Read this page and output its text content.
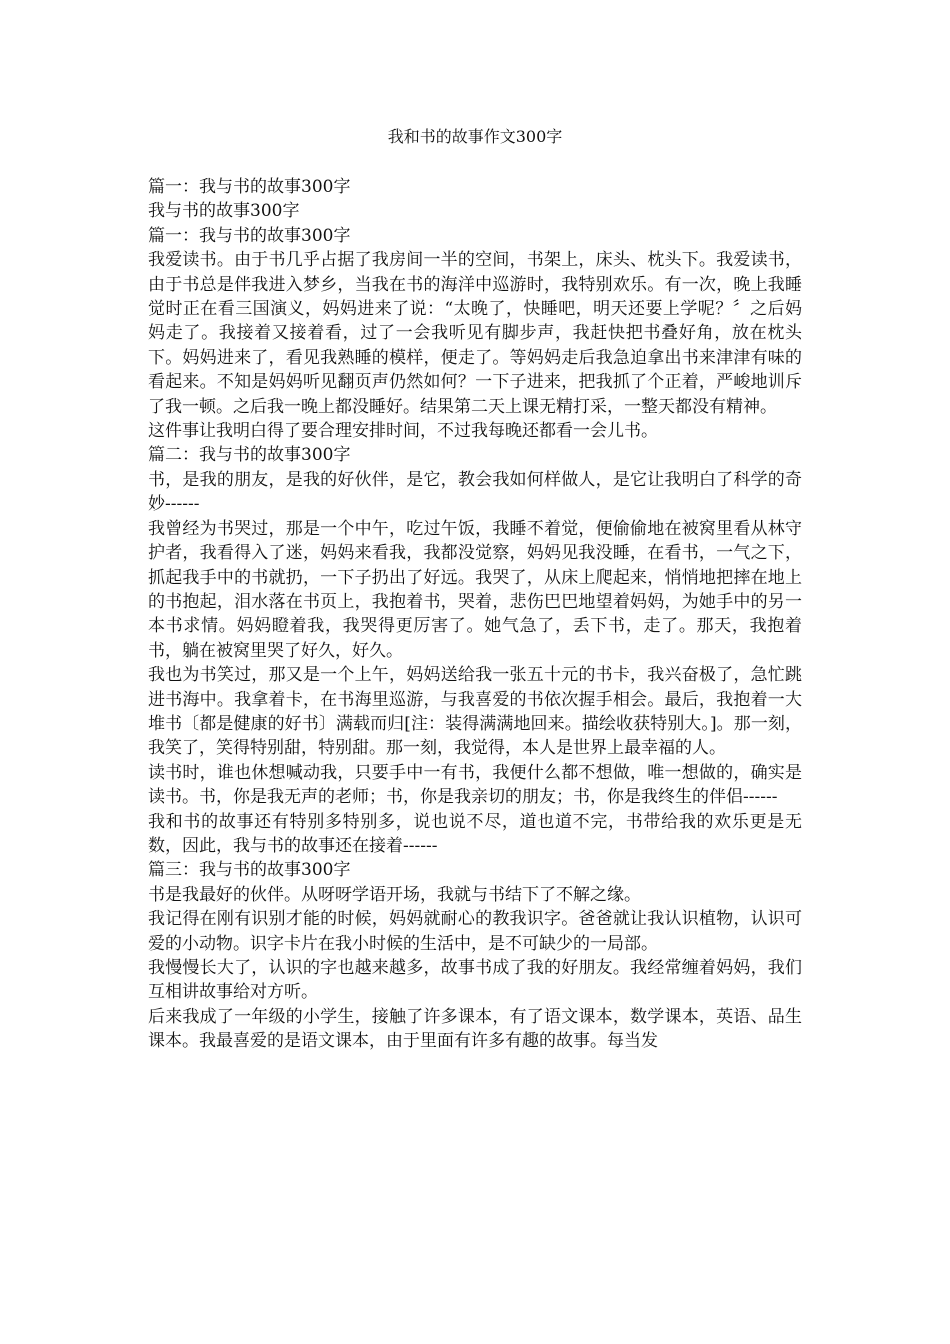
我和书的故事作文300字

篇一：我与书的故事300字

我与书的故事300字

篇一：我与书的故事300字

我爱读书。由于书几乎占据了我房间一半的空间，书架上，床头、枕头下。我爱读书，由于书总是伴我进入梦乡，当我在书的海洋中巡游时，我特别欢乐。有一次，晚上我睡觉时正在看三国演义，妈妈进来了说：“太晚了，快睡吧，明天还要上学呢？〞之后妈妈走了。我接着又接着看，过了一会我听见有脚步声，我赶快把书叠好角，放在枕头下。妈妈进来了，看见我熟睡的模样，便走了。等妈妈走后我急迫拿出书来津津有味的看起来。不知是妈妈听见翻页声仍然如何？一下子进来，把我抓了个正着，严峻地训斥了我一顿。之后我一晚上都没睡好。结果第二天上课无精打采，一整天都没有精神。

这件事让我明白得了要合理安排时间，不过我每晚还都看一会儿书。

篇二：我与书的故事300字

书，是我的朋友，是我的好伙伴，是它，教会我如何样做人，是它让我明白了科学的奇妙------

我曾经为书哭过，那是一个中午，吃过午饭，我睡不着觉，便偷偷地在被窝里看从林守护者，我看得入了迷，妈妈来看我，我都没觉察，妈妈见我没睡，在看书，一气之下，抓起我手中的书就扔，一下子扔出了好远。我哭了，从床上爬起来，悄悄地把摔在地上的书抱起，泪水落在书页上，我抱着书，哭着，悲伤巴巴地望着妈妈，为她手中的另一本书求情。妈妈瞪着我，我哭得更厉害了。她气急了，丢下书，走了。那天，我抱着书，躺在被窝里哭了好久，好久。

我也为书笑过，那又是一个上午，妈妈送给我一张五十元的书卡，我兴奋极了，急忙跳进书海中。我拿着卡，在书海里巡游，与我喜爱的书依次握手相会。最后，我抱着一大堆书〔都是健康的好书〕满载而归[注：装得满满地回来。描绘收获特别大。]。那一刻，我笑了，笑得特别甜，特别甜。那一刻，我觉得，本人是世界上最幸福的人。

读书时，谁也休想喊动我，只要手中一有书，我便什么都不想做，唯一想做的，确实是读书。书，你是我无声的老师；书，你是我亲切的朋友；书，你是我终生的伴侣------

我和书的故事还有特别多特别多，说也说不尽，道也道不完，书带给我的欢乐更是无数，因此，我与书的故事还在接着------

篇三：我与书的故事300字

书是我最好的伙伴。从呀呀学语开场，我就与书结下了不解之缘。

我记得在刚有识别才能的时候，妈妈就耐心的教我识字。爸爸就让我认识植物，认识可爱的小动物。识字卡片在我小时候的生活中，是不可缺少的一局部。

我慢慢长大了，认识的字也越来越多，故事书成了我的好朋友。我经常缠着妈妈，我们互相讲故事给对方听。

后来我成了一年级的小学生，接触了许多课本，有了语文课本，数学课本，英语、品生课本。我最喜爱的是语文课本，由于里面有许多有趣的故事。每当发
